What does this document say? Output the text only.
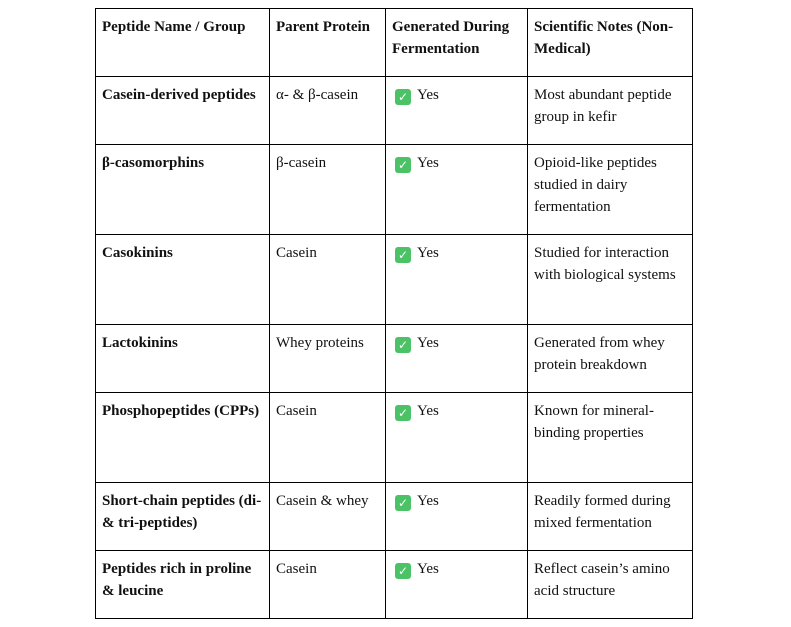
Peptide Name / Group	Parent Protein	Generated During Fermentation	Scientific Notes (Non-Medical)
Casein-derived peptides	α- & β-casein	✓ Yes	Most abundant peptide group in kefir
β-casomorphins	β-casein	✓ Yes	Opioid-like peptides studied in dairy fermentation
Casokinins	Casein	✓ Yes	Studied for interaction with biological systems
Lactokinins	Whey proteins	✓ Yes	Generated from whey protein breakdown
Phosphopeptides (CPPs)	Casein	✓ Yes	Known for mineral-binding properties
Short-chain peptides (di- & tri-peptides)	Casein & whey	✓ Yes	Readily formed during mixed fermentation
Peptides rich in proline & leucine	Casein	✓ Yes	Reflect casein’s amino acid structure
